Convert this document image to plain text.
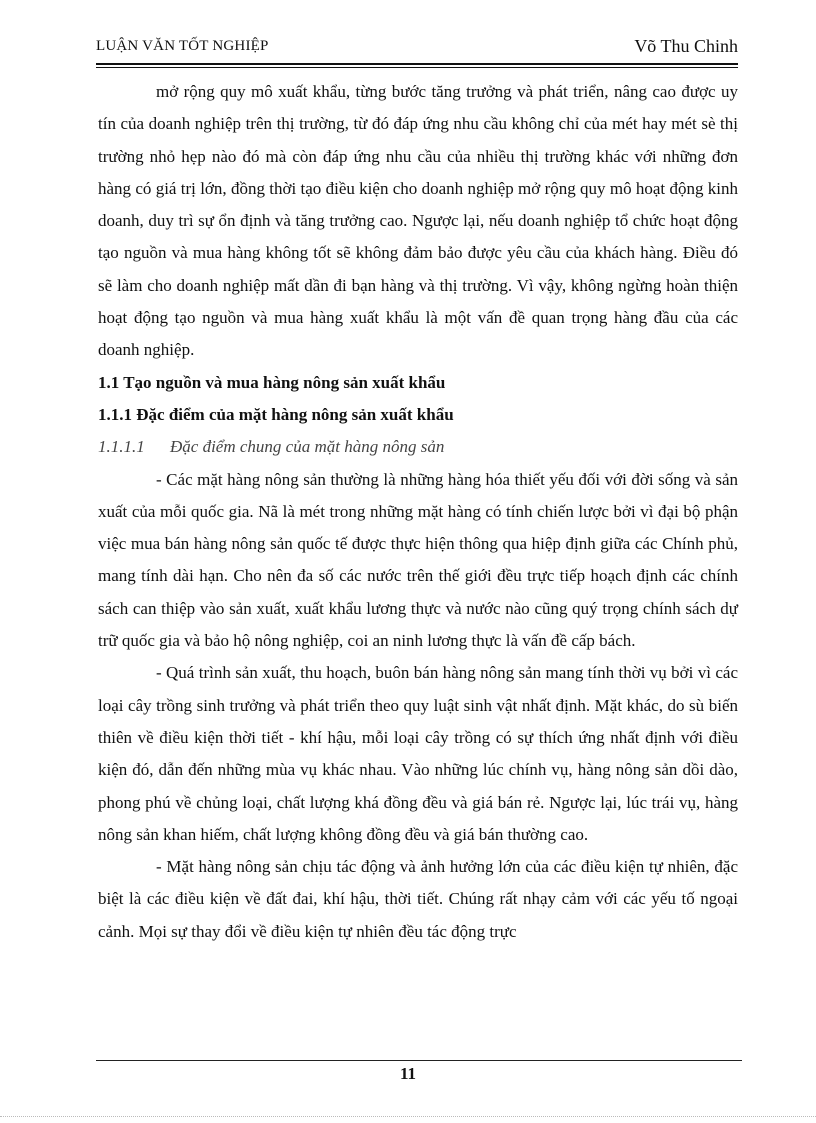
LUẬN VĂN TỐT NGHIỆP	Võ Thu Chinh

mở rộng quy mô xuất khẩu, từng bước tăng trưởng và phát triển, nâng cao được uy tín của doanh nghiệp trên thị trường, từ đó đáp ứng nhu cầu không chỉ của mét hay mét sè thị trường nhỏ hẹp nào đó mà còn đáp ứng nhu cầu của nhiều thị trường khác với những đơn hàng có giá trị lớn, đồng thời tạo điều kiện cho doanh nghiệp mở rộng quy mô hoạt động kinh doanh, duy trì sự ổn định và tăng trưởng cao. Ngược lại, nếu doanh nghiệp tổ chức hoạt động tạo nguồn và mua hàng không tốt sẽ không đảm bảo được yêu cầu của khách hàng. Điều đó sẽ làm cho doanh nghiệp mất dần đi bạn hàng và thị trường. Vì vậy, không ngừng hoàn thiện hoạt động tạo nguồn và mua hàng xuất khẩu là một vấn đề quan trọng hàng đầu của các doanh nghiệp.

1.1 Tạo nguồn và mua hàng nông sản xuất khẩu

1.1.1 Đặc điểm của mặt hàng nông sản xuất khẩu

1.1.1.1 Đặc điểm chung của mặt hàng nông sản

- Các mặt hàng nông sản thường là những hàng hóa thiết yếu đối với đời sống và sản xuất của mỗi quốc gia. Nã là mét trong những mặt hàng có tính chiến lược bởi vì đại bộ phận việc mua bán hàng nông sản quốc tế được thực hiện thông qua hiệp định giữa các Chính phủ, mang tính dài hạn. Cho nên đa số các nước trên thế giới đều trực tiếp hoạch định các chính sách can thiệp vào sản xuất, xuất khẩu lương thực và nước nào cũng quý trọng chính sách dự trữ quốc gia và bảo hộ nông nghiệp, coi an ninh lương thực là vấn đề cấp bách.

- Quá trình sản xuất, thu hoạch, buôn bán hàng nông sản mang tính thời vụ bởi vì các loại cây trồng sinh trưởng và phát triển theo quy luật sinh vật nhất định. Mặt khác, do sù biến thiên về điều kiện thời tiết - khí hậu, mỗi loại cây trồng có sự thích ứng nhất định với điều kiện đó, dẫn đến những mùa vụ khác nhau. Vào những lúc chính vụ, hàng nông sản dồi dào, phong phú về chủng loại, chất lượng khá đồng đều và giá bán rẻ. Ngược lại, lúc trái vụ, hàng nông sản khan hiếm, chất lượng không đồng đều và giá bán thường cao.

- Mặt hàng nông sản chịu tác động và ảnh hưởng lớn của các điều kiện tự nhiên, đặc biệt là các điều kiện về đất đai, khí hậu, thời tiết. Chúng rất nhạy cảm với các yếu tố ngoại cảnh. Mọi sự thay đổi về điều kiện tự nhiên đều tác động trực

11
